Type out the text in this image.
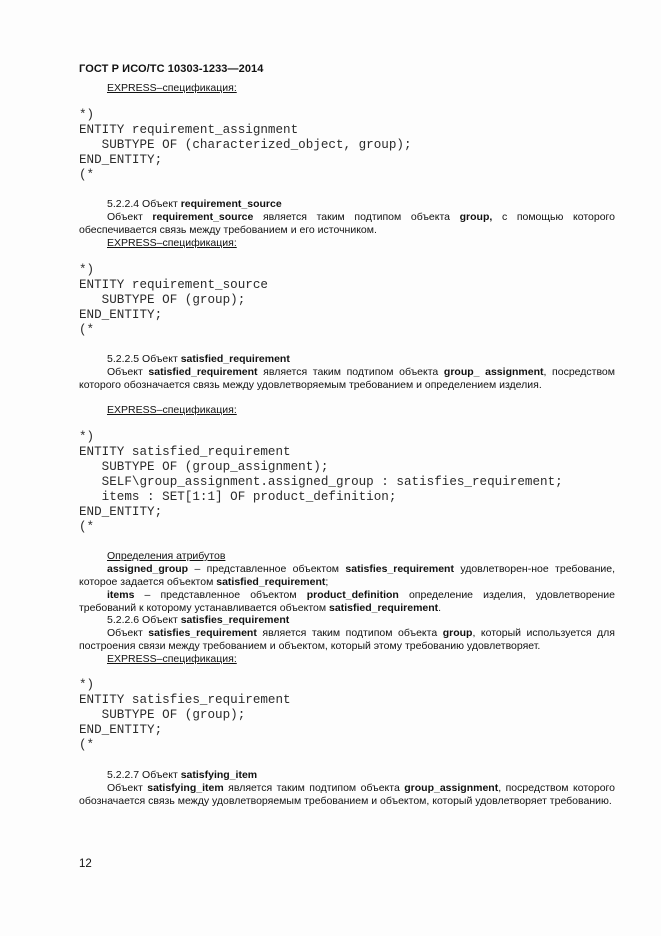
ГОСТ Р ИСО/ТС 10303-1233—2014
EXPRESS–спецификация:
*)
ENTITY requirement_assignment
SUBTYPE OF (characterized_object, group);
END_ENTITY;
(*
5.2.2.4 Объект requirement_source
Объект requirement_source является таким подтипом объекта group, с помощью которого обеспечивается связь между требованием и его источником.
EXPRESS–спецификация:
*)
ENTITY requirement_source
SUBTYPE OF (group);
END_ENTITY;
(*
5.2.2.5 Объект satisfied_requirement
Объект satisfied_requirement является таким подтипом объекта group_ assignment, посредством которого обозначается связь между удовлетворяемым требованием и определением изделия.
EXPRESS–спецификация:
*)
ENTITY satisfied_requirement
SUBTYPE OF (group_assignment);
SELF\group_assignment.assigned_group : satisfies_requirement;
items : SET[1:1] OF product_definition;
END_ENTITY;
(*
Определения атрибутов
assigned_group – представленное объектом satisfies_requirement удовлетворен-ное требование, которое задается объектом satisfied_requirement;
items – представленное объектом product_definition определение изделия, удовлетворение требований к которому устанавливается объектом satisfied_requirement.
5.2.2.6 Объект satisfies_requirement
Объект satisfies_requirement является таким подтипом объекта group, который используется для построения связи между требованием и объектом, который этому требованию удовлетворяет.
EXPRESS–спецификация:
*)
ENTITY satisfies_requirement
SUBTYPE OF (group);
END_ENTITY;
(*
5.2.2.7 Объект satisfying_item
Объект satisfying_item является таким подтипом объекта group_assignment, посредством которого обозначается связь между удовлетворяемым требованием и объектом, который удовлетворяет требованию.
12
